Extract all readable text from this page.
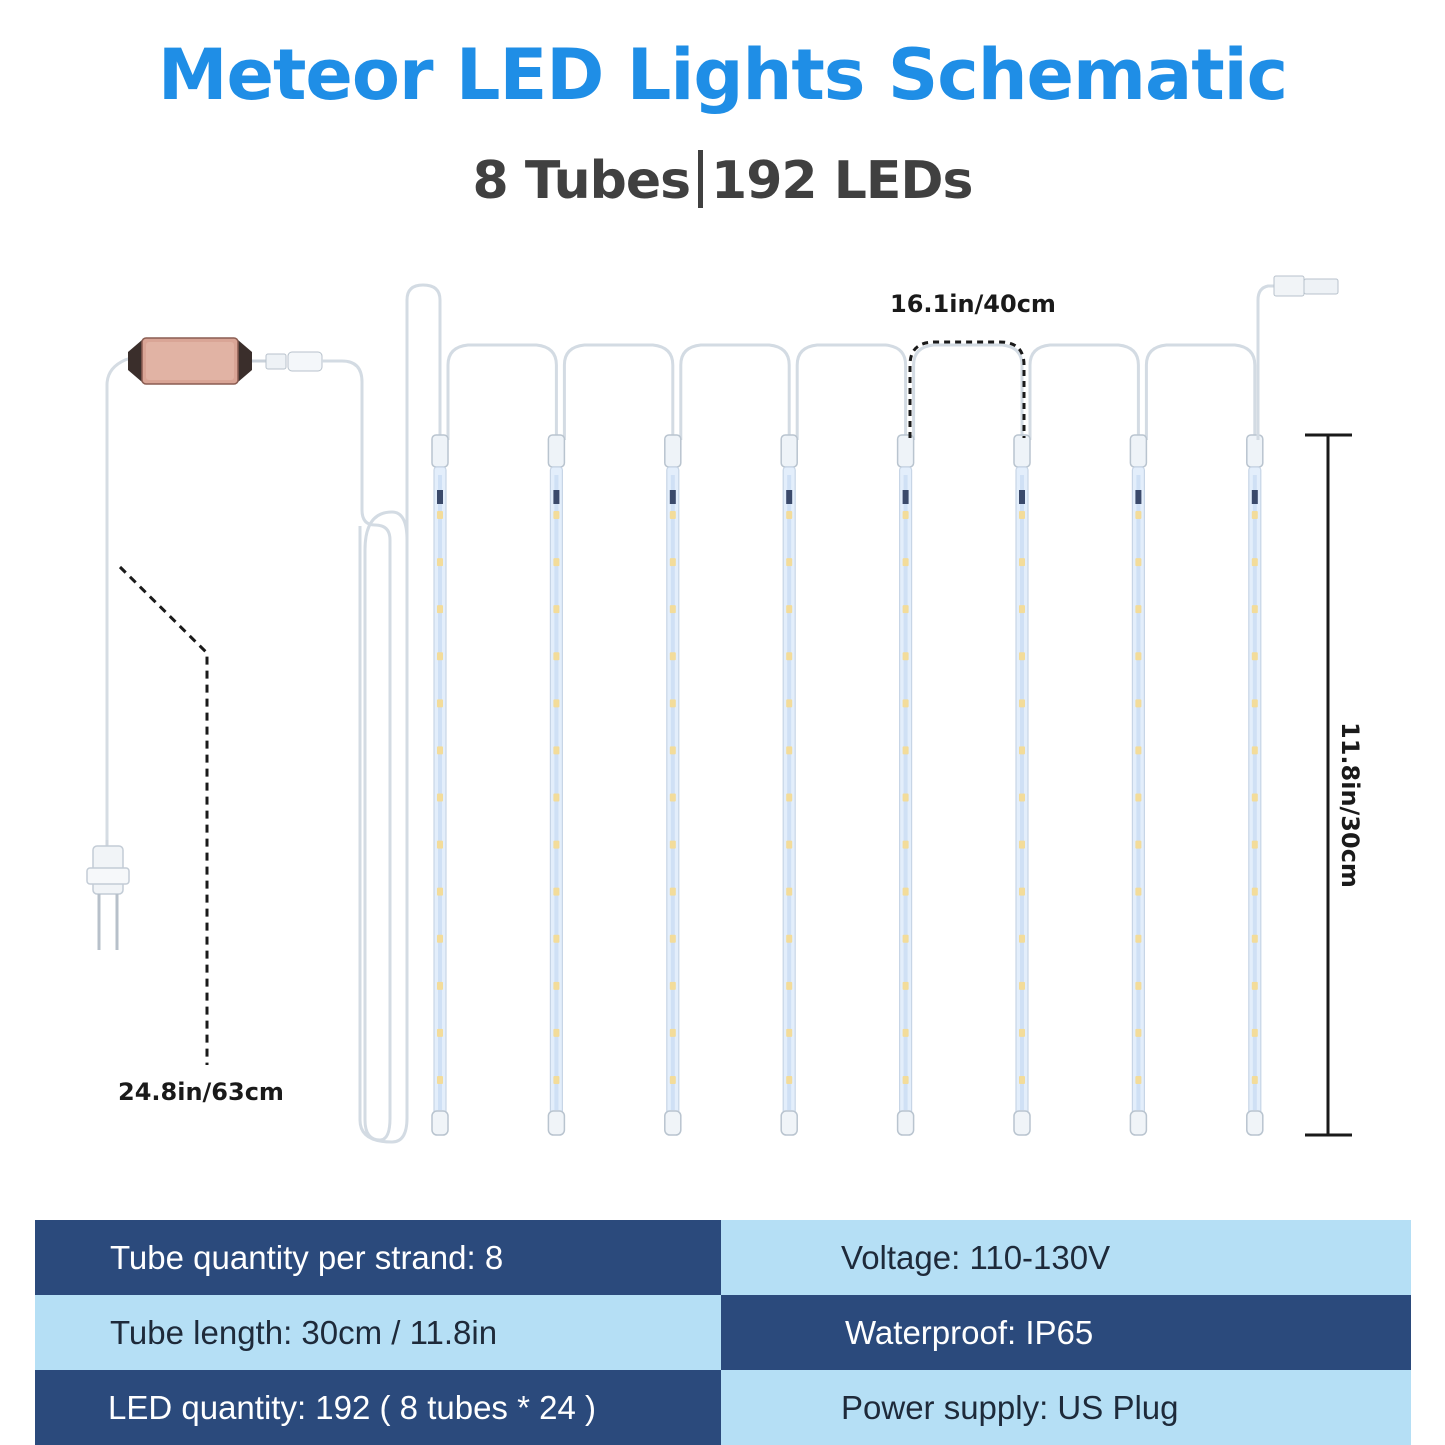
Meteor LED Lights Schematic
8 Tubes 192 LEDs
24.8in/63cm
16.1in/40cm
11.8in/30cm
Tube quantity per strand: 8	Voltage: 110-130V
Tube length: 30cm / 11.8in	Waterproof: IP65
LED quantity: 192 ( 8 tubes * 24 )	Power supply: US Plug
